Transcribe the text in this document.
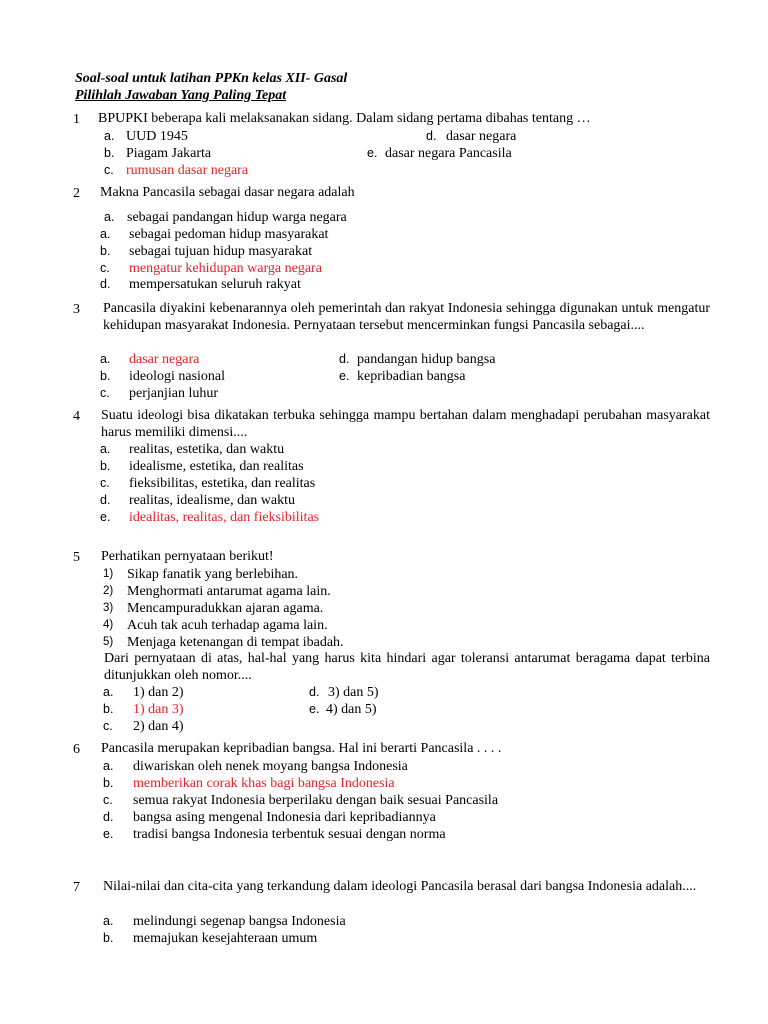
Soal-soal untuk latihan PPKn kelas XII- Gasal
Pilihlah Jawaban Yang Paling Tepat
1 BPUPKI beberapa kali melaksanakan sidang. Dalam sidang pertama dibahas tentang …
a. UUD 1945
b. Piagam Jakarta
c. rumusan dasar negara
d. dasar negara
e. dasar negara Pancasila
2 Makna Pancasila sebagai dasar negara adalah
a. sebagai pandangan hidup warga negara
a. sebagai pedoman hidup masyarakat
b. sebagai tujuan hidup masyarakat
c. mengatur kehidupan warga negara
d. mempersatukan seluruh rakyat
3 Pancasila diyakini kebenarannya oleh pemerintah dan rakyat Indonesia sehingga digunakan untuk mengatur kehidupan masyarakat Indonesia. Pernyataan tersebut mencerminkan fungsi Pancasila sebagai....
a. dasar negara
b. ideologi nasional
c. perjanjian luhur
d. pandangan hidup bangsa
e. kepribadian bangsa
4 Suatu ideologi bisa dikatakan terbuka sehingga mampu bertahan dalam menghadapi perubahan masyarakat harus memiliki dimensi....
a. realitas, estetika, dan waktu
b. idealisme, estetika, dan realitas
c. fieksibilitas, estetika, dan realitas
d. realitas, idealisme, dan waktu
e. idealitas, realitas, dan fieksibilitas
5 Perhatikan pernyataan berikut!
1) Sikap fanatik yang berlebihan.
2) Menghormati antarumat agama lain.
3) Mencampuradukkan ajaran agama.
4) Acuh tak acuh terhadap agama lain.
5) Menjaga ketenangan di tempat ibadah.
Dari pernyataan di atas, hal-hal yang harus kita hindari agar toleransi antarumat beragama dapat terbina ditunjukkan oleh nomor....
a. 1) dan 2)
b. 1) dan 3)
c. 2) dan 4)
d. 3) dan 5)
e. 4) dan 5)
6 Pancasila merupakan kepribadian bangsa. Hal ini berarti Pancasila . . . .
a. diwariskan oleh nenek moyang bangsa Indonesia
b. memberikan corak khas bagi bangsa Indonesia
c. semua rakyat Indonesia berperilaku dengan baik sesuai Pancasila
d. bangsa asing mengenal Indonesia dari kepribadiannya
e. tradisi bangsa Indonesia terbentuk sesuai dengan norma
7 Nilai-nilai dan cita-cita yang terkandung dalam ideologi Pancasila berasal dari bangsa Indonesia adalah....
a. melindungi segenap bangsa Indonesia
b. memajukan kesejahteraan umum
